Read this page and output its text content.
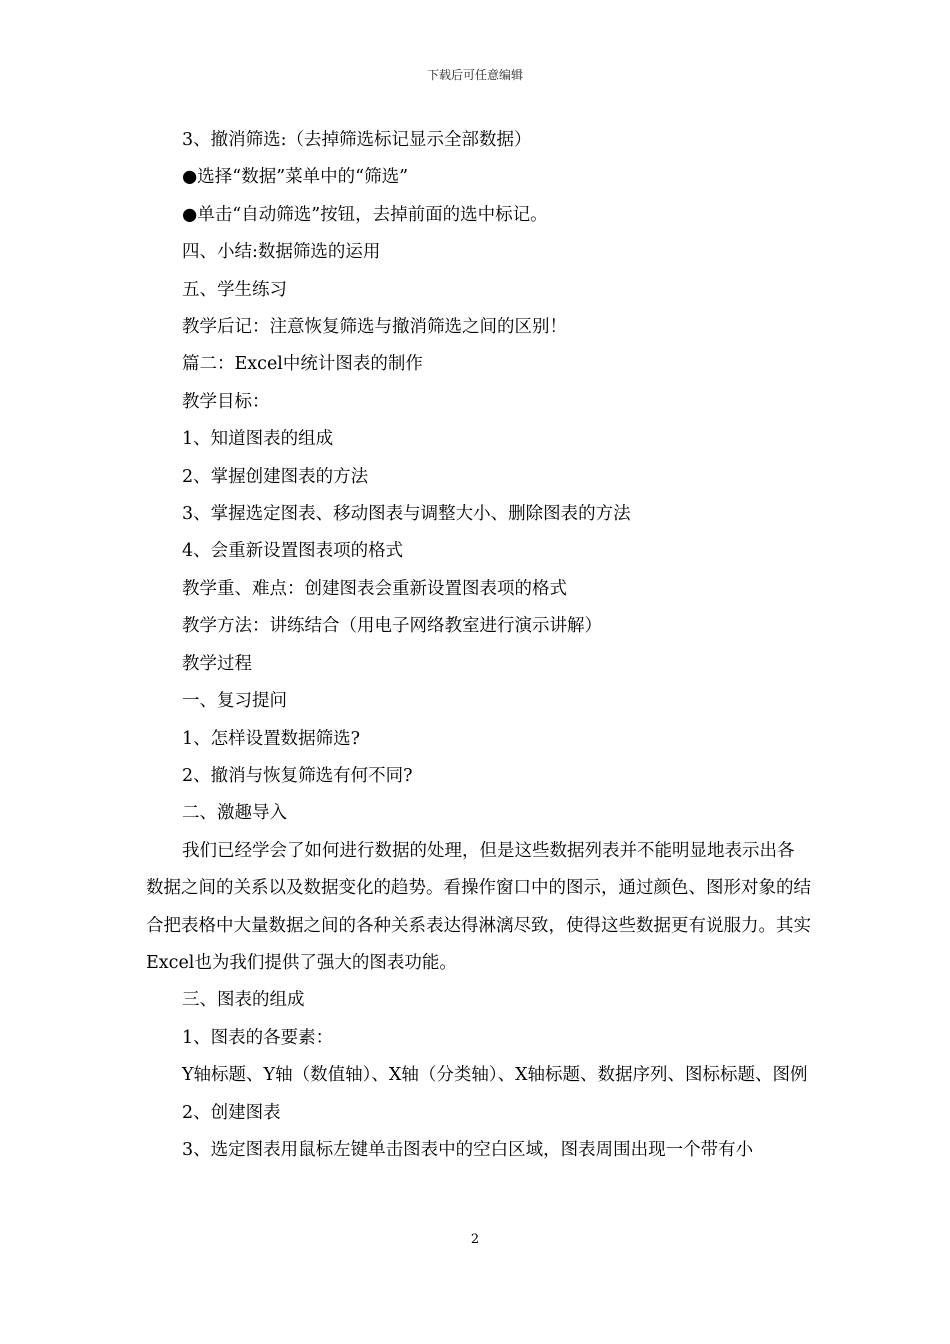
下载后可任意编辑

3、撤消筛选:（去掉筛选标记显示全部数据）

●选择“数据”菜单中的“筛选”

●单击“自动筛选”按钮，去掉前面的选中标记。

四、小结:数据筛选的运用

五、学生练习

教学后记：注意恢复筛选与撤消筛选之间的区别！

篇二：Excel中统计图表的制作

教学目标：

1、知道图表的组成

2、掌握创建图表的方法

3、掌握选定图表、移动图表与调整大小、删除图表的方法

4、会重新设置图表项的格式

教学重、难点：创建图表会重新设置图表项的格式

教学方法：讲练结合（用电子网络教室进行演示讲解）

教学过程

一、复习提问

1、怎样设置数据筛选?

2、撤消与恢复筛选有何不同?

二、激趣导入

我们已经学会了如何进行数据的处理，但是这些数据列表并不能明显地表示出各数据之间的关系以及数据变化的趋势。看操作窗口中的图示，通过颜色、图形对象的结合把表格中大量数据之间的各种关系表达得淋漓尽致，使得这些数据更有说服力。其实Excel也为我们提供了强大的图表功能。

三、图表的组成

1、图表的各要素：

Y轴标题、Y轴（数值轴）、X轴（分类轴）、X轴标题、数据序列、图标标题、图例

2、创建图表

3、选定图表用鼠标左键单击图表中的空白区域，图表周围出现一个带有小

2
